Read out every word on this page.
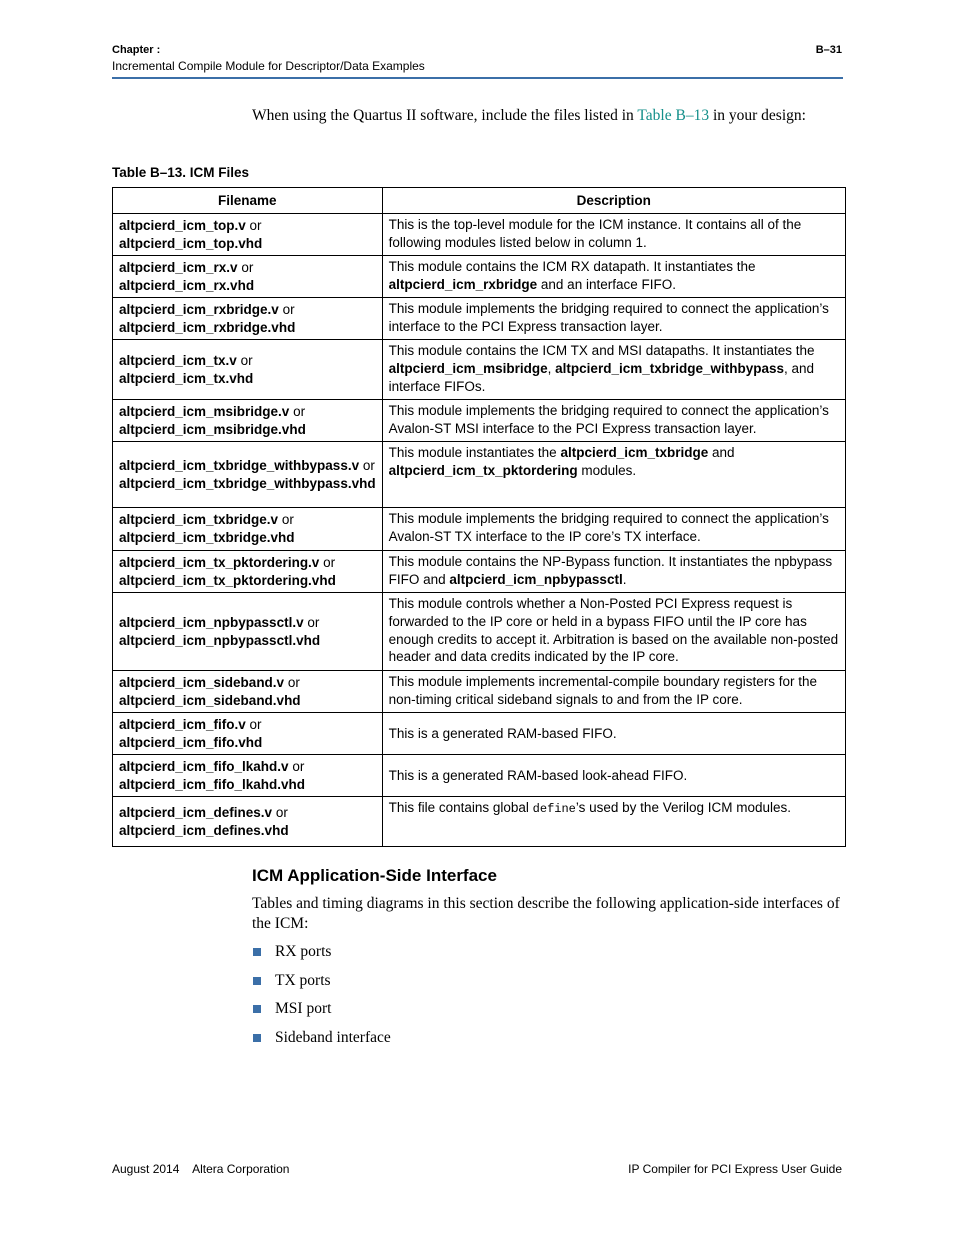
Chapter :
Incremental Compile Module for Descriptor/Data Examples
B–31
When using the Quartus II software, include the files listed in Table B–13 in your design:
Table B–13. ICM Files
Filename	Description
altpcierd_icm_top.v or
altpcierd_icm_top.vhd	This is the top-level module for the ICM instance. It contains all of the following modules listed below in column 1.
altpcierd_icm_rx.v or
altpcierd_icm_rx.vhd	This module contains the ICM RX datapath. It instantiates the altpcierd_icm_rxbridge and an interface FIFO.
altpcierd_icm_rxbridge.v or
altpcierd_icm_rxbridge.vhd	This module implements the bridging required to connect the application’s interface to the PCI Express transaction layer.
altpcierd_icm_tx.v or
altpcierd_icm_tx.vhd	This module contains the ICM TX and MSI datapaths. It instantiates the altpcierd_icm_msibridge, altpcierd_icm_txbridge_withbypass, and interface FIFOs.
altpcierd_icm_msibridge.v or
altpcierd_icm_msibridge.vhd	This module implements the bridging required to connect the application’s Avalon-ST MSI interface to the PCI Express transaction layer.
altpcierd_icm_txbridge_withbypass.v or
altpcierd_icm_txbridge_withbypass.vhd	This module instantiates the altpcierd_icm_txbridge and altpcierd_icm_tx_pktordering modules.
altpcierd_icm_txbridge.v or
altpcierd_icm_txbridge.vhd	This module implements the bridging required to connect the application’s Avalon-ST TX interface to the IP core’s TX interface.
altpcierd_icm_tx_pktordering.v or
altpcierd_icm_tx_pktordering.vhd	This module contains the NP-Bypass function. It instantiates the npbypass FIFO and altpcierd_icm_npbypassctl.
altpcierd_icm_npbypassctl.v or
altpcierd_icm_npbypassctl.vhd	This module controls whether a Non-Posted PCI Express request is forwarded to the IP core or held in a bypass FIFO until the IP core has enough credits to accept it. Arbitration is based on the available non-posted header and data credits indicated by the IP core.
altpcierd_icm_sideband.v or
altpcierd_icm_sideband.vhd	This module implements incremental-compile boundary registers for the non-timing critical sideband signals to and from the IP core.
altpcierd_icm_fifo.v or
altpcierd_icm_fifo.vhd	This is a generated RAM-based FIFO.
altpcierd_icm_fifo_lkahd.v or
altpcierd_icm_fifo_lkahd.vhd	This is a generated RAM-based look-ahead FIFO.
altpcierd_icm_defines.v or
altpcierd_icm_defines.vhd	This file contains global define’s used by the Verilog ICM modules.
ICM Application-Side Interface
Tables and timing diagrams in this section describe the following application-side interfaces of the ICM:
RX ports
TX ports
MSI port
Sideband interface
August 2014    Altera Corporation	IP Compiler for PCI Express User Guide
